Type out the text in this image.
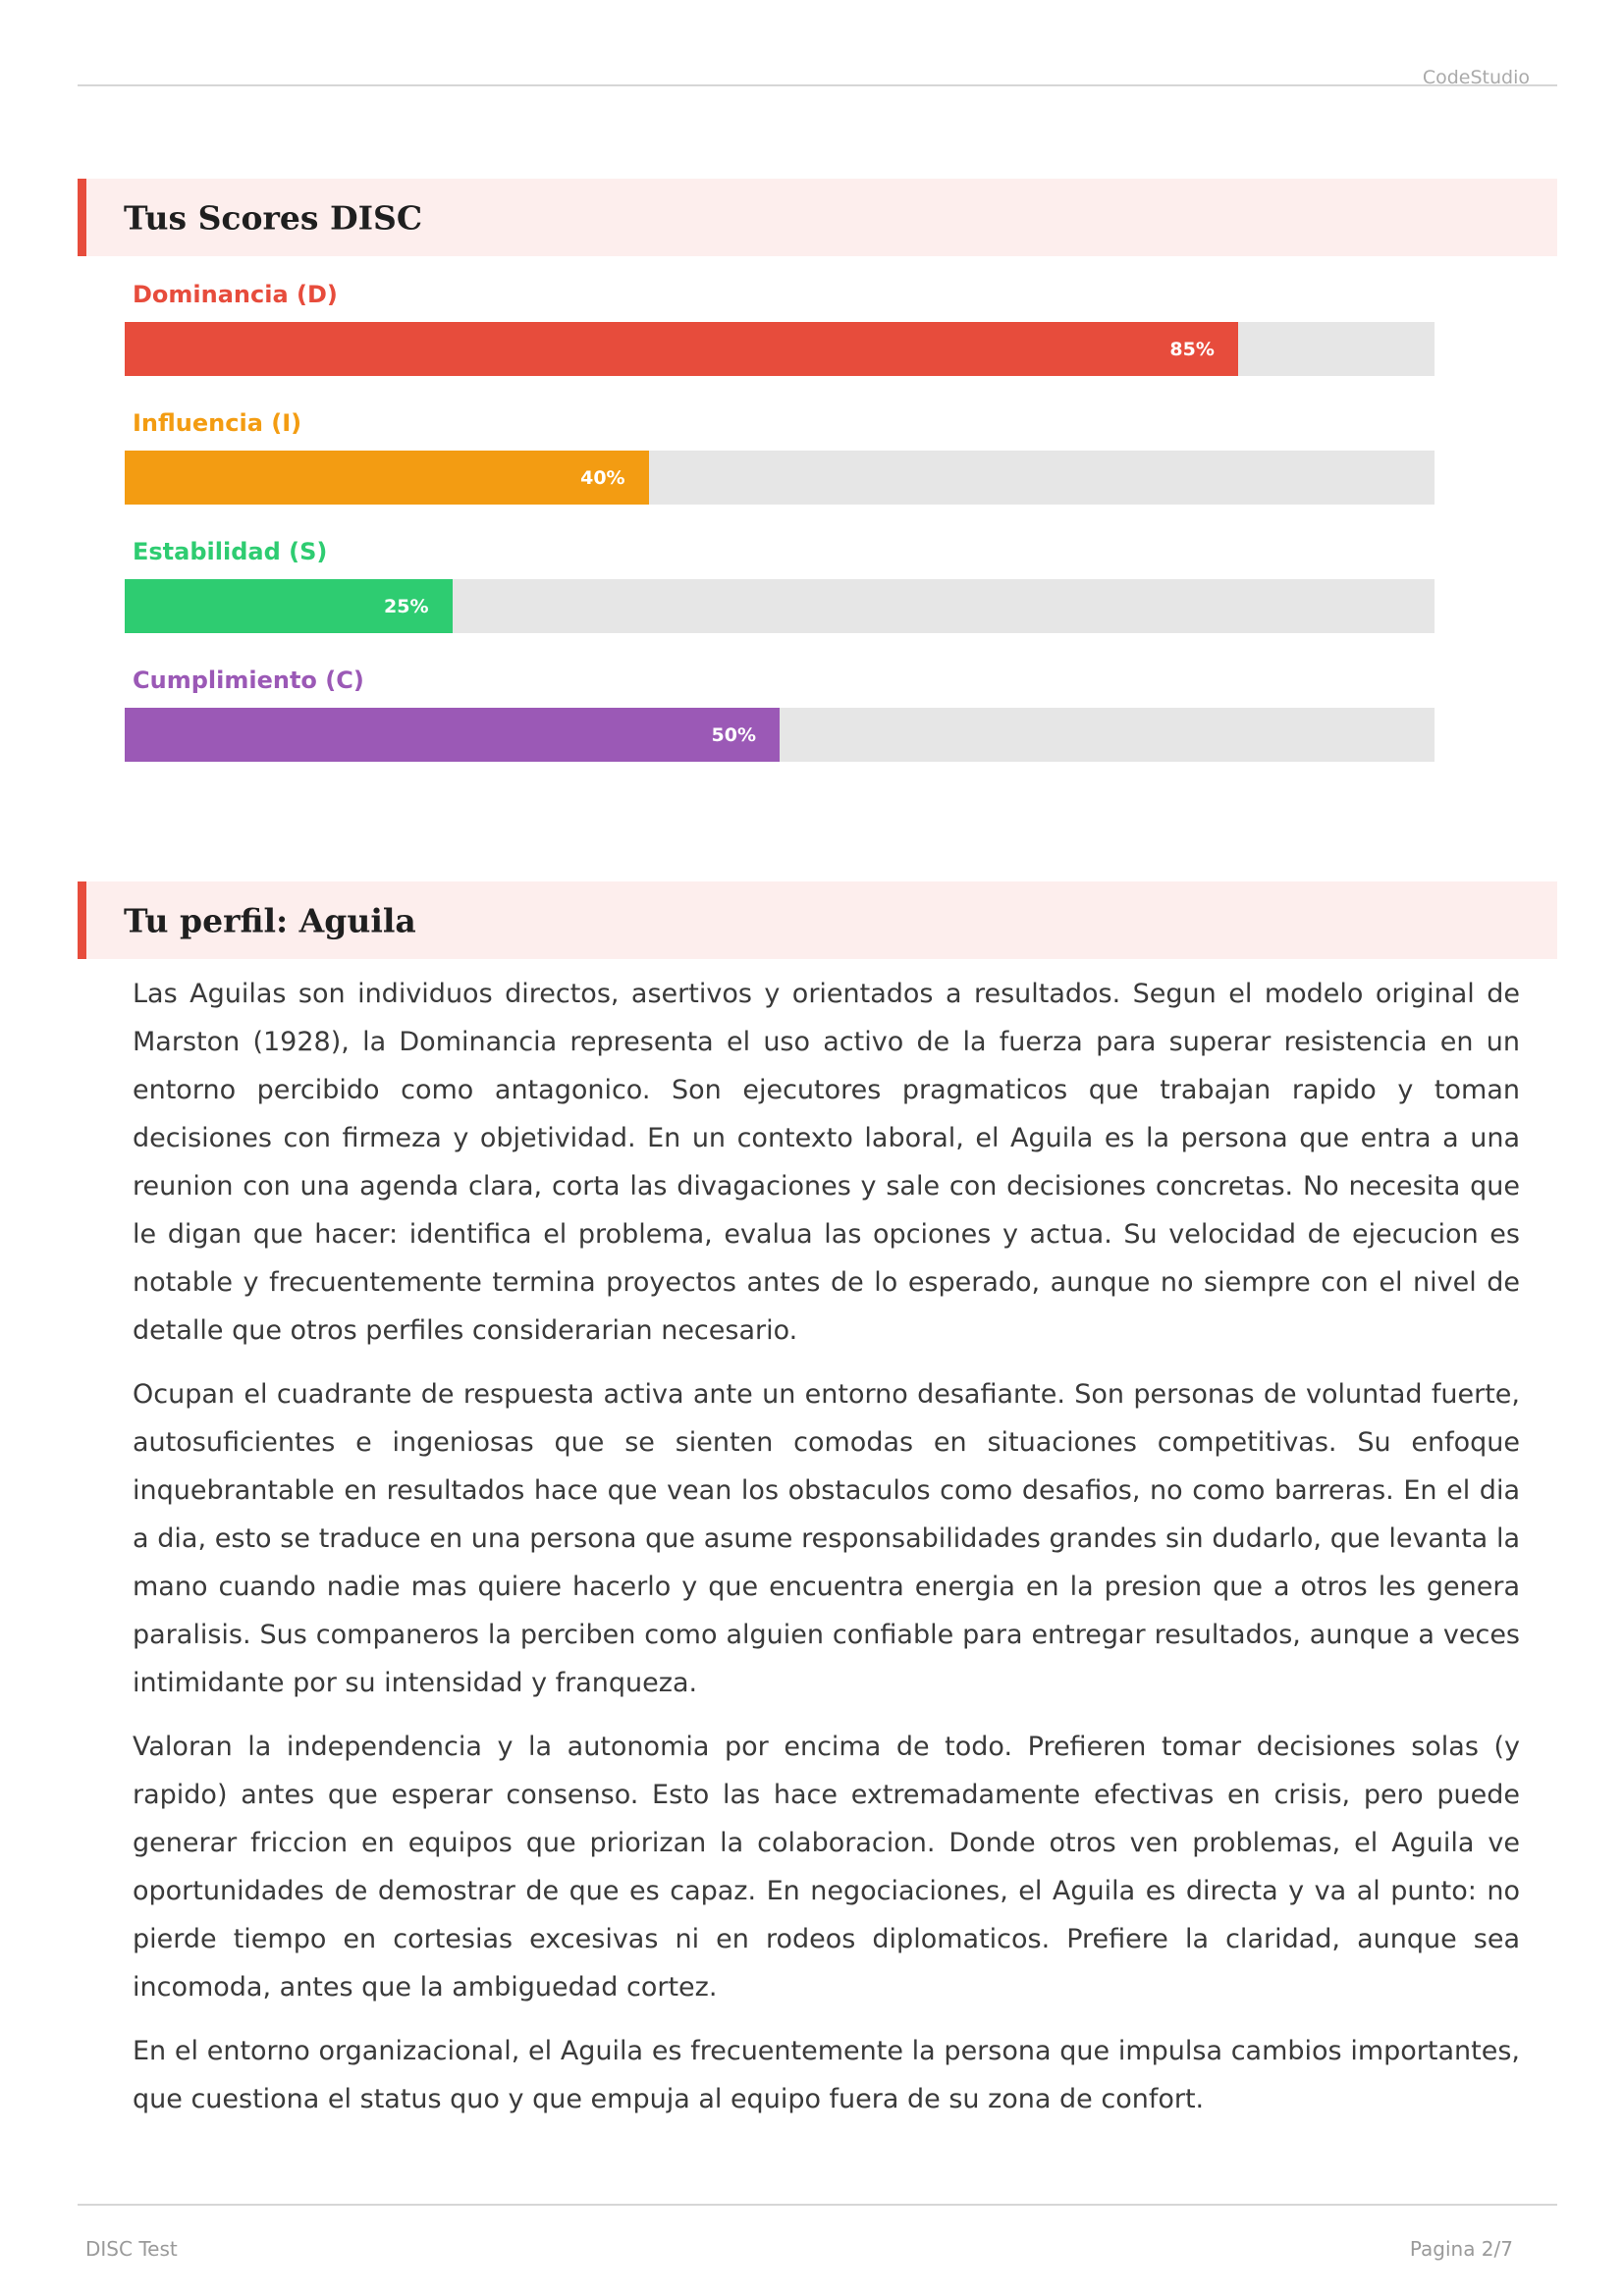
CodeStudio
Tus Scores DISC
Dominancia (D)
85%
Influencia (I)
40%
Estabilidad (S)
25%
Cumplimiento (C)
50%
Tu perfil: Aguila

Las Aguilas son individuos directos, asertivos y orientados a resultados. Segun el modelo original de Marston (1928), la Dominancia representa el uso activo de la fuerza para superar resistencia en un entorno percibido como antagonico. Son ejecutores pragmaticos que trabajan rapido y toman decisiones con firmeza y objetividad. En un contexto laboral, el Aguila es la persona que entra a una reunion con una agenda clara, corta las divagaciones y sale con decisiones concretas. No necesita que le digan que hacer: identifica el problema, evalua las opciones y actua. Su velocidad de ejecucion es notable y frecuentemente termina proyectos antes de lo esperado, aunque no siempre con el nivel de detalle que otros perfiles considerarian necesario.

Ocupan el cuadrante de respuesta activa ante un entorno desafiante. Son personas de voluntad fuerte, autosuficientes e ingeniosas que se sienten comodas en situaciones competitivas. Su enfoque inquebrantable en resultados hace que vean los obstaculos como desafios, no como barreras. En el dia a dia, esto se traduce en una persona que asume responsabilidades grandes sin dudarlo, que levanta la mano cuando nadie mas quiere hacerlo y que encuentra energia en la presion que a otros les genera paralisis. Sus companeros la perciben como alguien confiable para entregar resultados, aunque a veces intimidante por su intensidad y franqueza.

Valoran la independencia y la autonomia por encima de todo. Prefieren tomar decisiones solas (y rapido) antes que esperar consenso. Esto las hace extremadamente efectivas en crisis, pero puede generar friccion en equipos que priorizan la colaboracion. Donde otros ven problemas, el Aguila ve oportunidades de demostrar de que es capaz. En negociaciones, el Aguila es directa y va al punto: no pierde tiempo en cortesias excesivas ni en rodeos diplomaticos. Prefiere la claridad, aunque sea incomoda, antes que la ambiguedad cortez.

En el entorno organizacional, el Aguila es frecuentemente la persona que impulsa cambios importantes, que cuestiona el status quo y que empuja al equipo fuera de su zona de confort.

DISC Test	Pagina 2/7
